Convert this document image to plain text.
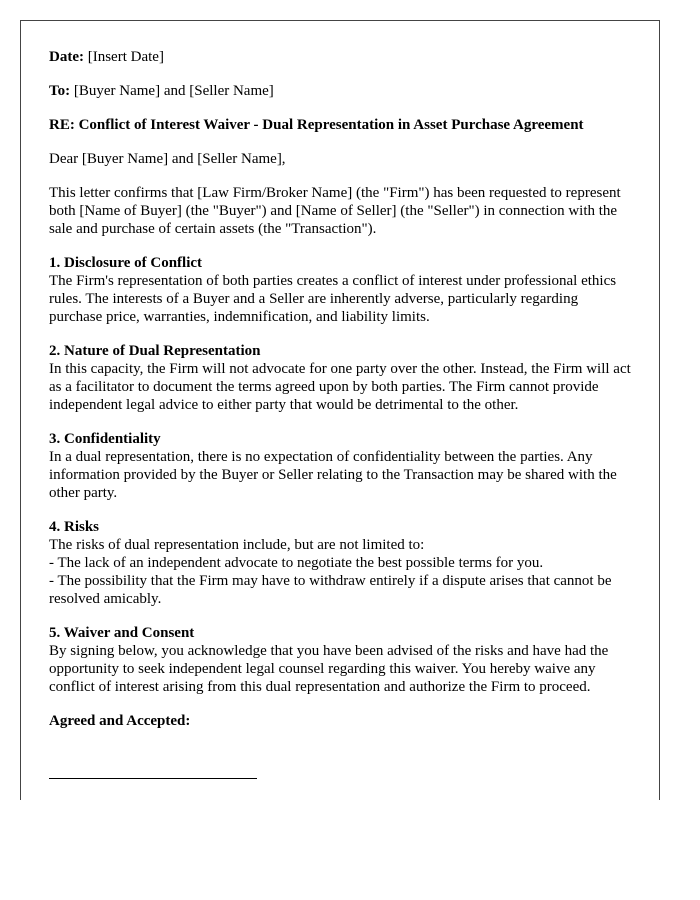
Date: [Insert Date]

To: [Buyer Name] and [Seller Name]

RE: Conflict of Interest Waiver - Dual Representation in Asset Purchase Agreement

Dear [Buyer Name] and [Seller Name],

This letter confirms that [Law Firm/Broker Name] (the "Firm") has been requested to represent both [Name of Buyer] (the "Buyer") and [Name of Seller] (the "Seller") in connection with the sale and purchase of certain assets (the "Transaction").

1. Disclosure of Conflict
The Firm's representation of both parties creates a conflict of interest under professional ethics rules. The interests of a Buyer and a Seller are inherently adverse, particularly regarding purchase price, warranties, indemnification, and liability limits.
2. Nature of Dual Representation
In this capacity, the Firm will not advocate for one party over the other. Instead, the Firm will act as a facilitator to document the terms agreed upon by both parties. The Firm cannot provide independent legal advice to either party that would be detrimental to the other.
3. Confidentiality
In a dual representation, there is no expectation of confidentiality between the parties. Any information provided by the Buyer or Seller relating to the Transaction may be shared with the other party.
4. Risks
The risks of dual representation include, but are not limited to:
- The lack of an independent advocate to negotiate the best possible terms for you.
- The possibility that the Firm may have to withdraw entirely if a dispute arises that cannot be resolved amicably.
5. Waiver and Consent
By signing below, you acknowledge that you have been advised of the risks and have had the opportunity to seek independent legal counsel regarding this waiver. You hereby waive any conflict of interest arising from this dual representation and authorize the Firm to proceed.

Agreed and Accepted:
